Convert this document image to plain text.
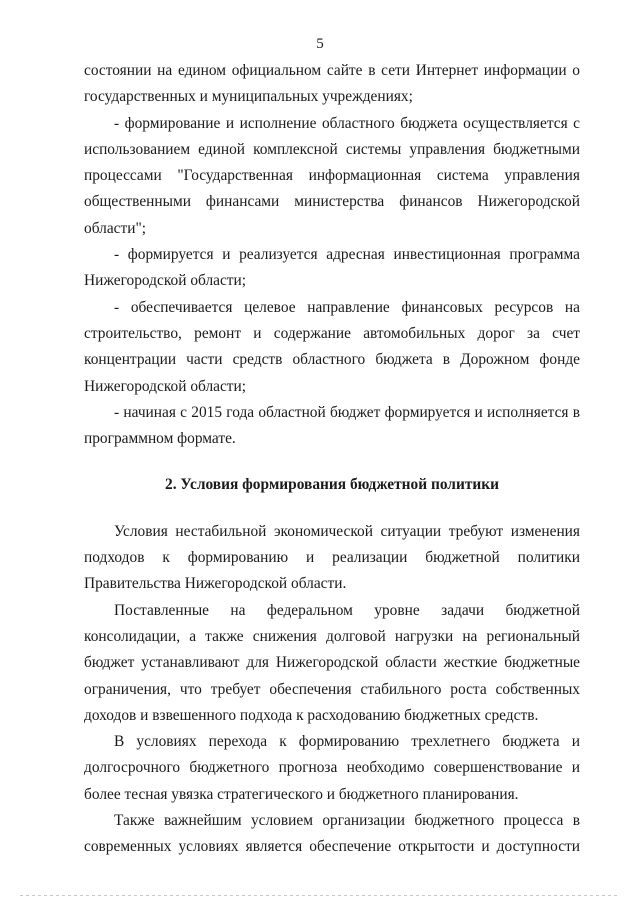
5

состоянии на едином официальном сайте в сети Интернет информации о

государственных и муниципальных учреждениях;

- формирование и исполнение областного бюджета осуществляется с

использованием единой комплексной системы управления бюджетными

процессами "Государственная информационная система управления

общественными финансами министерства финансов Нижегородской

области";

- формируется и реализуется адресная инвестиционная программа

Нижегородской области;

- обеспечивается целевое направление финансовых ресурсов на

строительство, ремонт и содержание автомобильных дорог за счет

концентрации части средств областного бюджета в Дорожном фонде

Нижегородской области;

- начиная с 2015 года областной бюджет формируется и исполняется в

программном формате.

2. Условия формирования бюджетной политики

Условия нестабильной экономической ситуации требуют изменения

подходов к формированию и реализации бюджетной политики

Правительства Нижегородской области.

Поставленные на федеральном уровне задачи бюджетной

консолидации, а также снижения долговой нагрузки на региональный

бюджет устанавливают для Нижегородской области жесткие бюджетные

ограничения, что требует обеспечения стабильного роста собственных

доходов и взвешенного подхода к расходованию бюджетных средств.

В условиях перехода к формированию трехлетнего бюджета и

долгосрочного бюджетного прогноза необходимо совершенствование и

более тесная увязка стратегического и бюджетного планирования.

Также важнейшим условием организации бюджетного процесса в

современных условиях является обеспечение открытости и доступности
